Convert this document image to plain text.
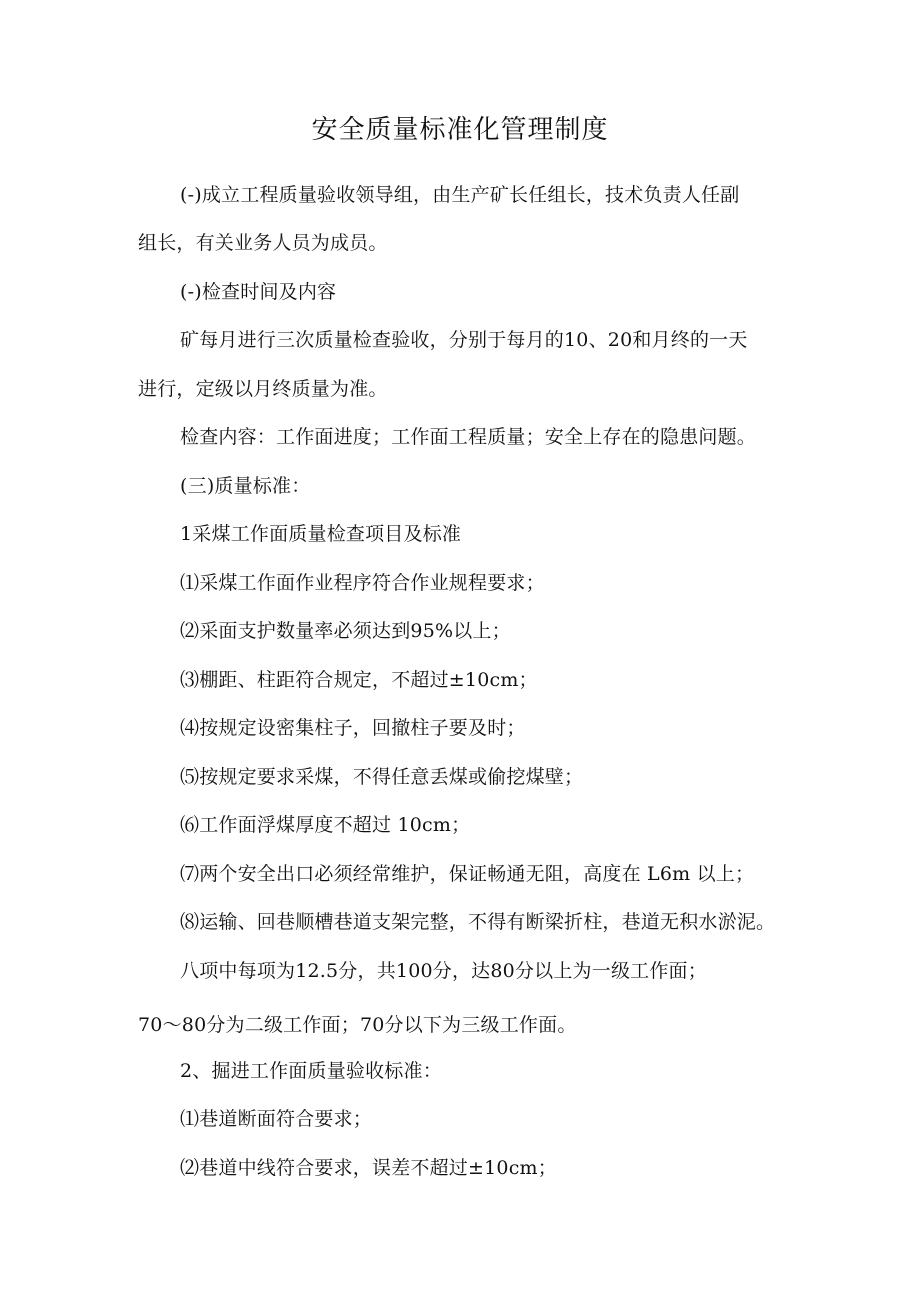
安全质量标准化管理制度
(-)成立工程质量验收领导组，由生产矿长任组长，技术负责人任副
组长，有关业务人员为成员。
(-)检查时间及内容
矿每月进行三次质量检查验收，分别于每月的10、20和月终的一天
进行，定级以月终质量为准。
检查内容：工作面进度；工作面工程质量；安全上存在的隐患问题。
(三)质量标准：
1采煤工作面质量检查项目及标准
⑴采煤工作面作业程序符合作业规程要求；
⑵采面支护数量率必须达到95%以上；
⑶棚距、柱距符合规定，不超过±10cm；
⑷按规定设密集柱子，回撤柱子要及时；
⑸按规定要求采煤，不得任意丢煤或偷挖煤壁；
⑹工作面浮煤厚度不超过 10cm；
⑺两个安全出口必须经常维护，保证畅通无阻，高度在 L6m 以上；
⑻运输、回巷顺槽巷道支架完整，不得有断梁折柱，巷道无积水淤泥。
八项中每项为12.5分，共100分，达80分以上为一级工作面；
70～80分为二级工作面；70分以下为三级工作面。
2、掘进工作面质量验收标准：
⑴巷道断面符合要求；
⑵巷道中线符合要求，误差不超过±10cm；
